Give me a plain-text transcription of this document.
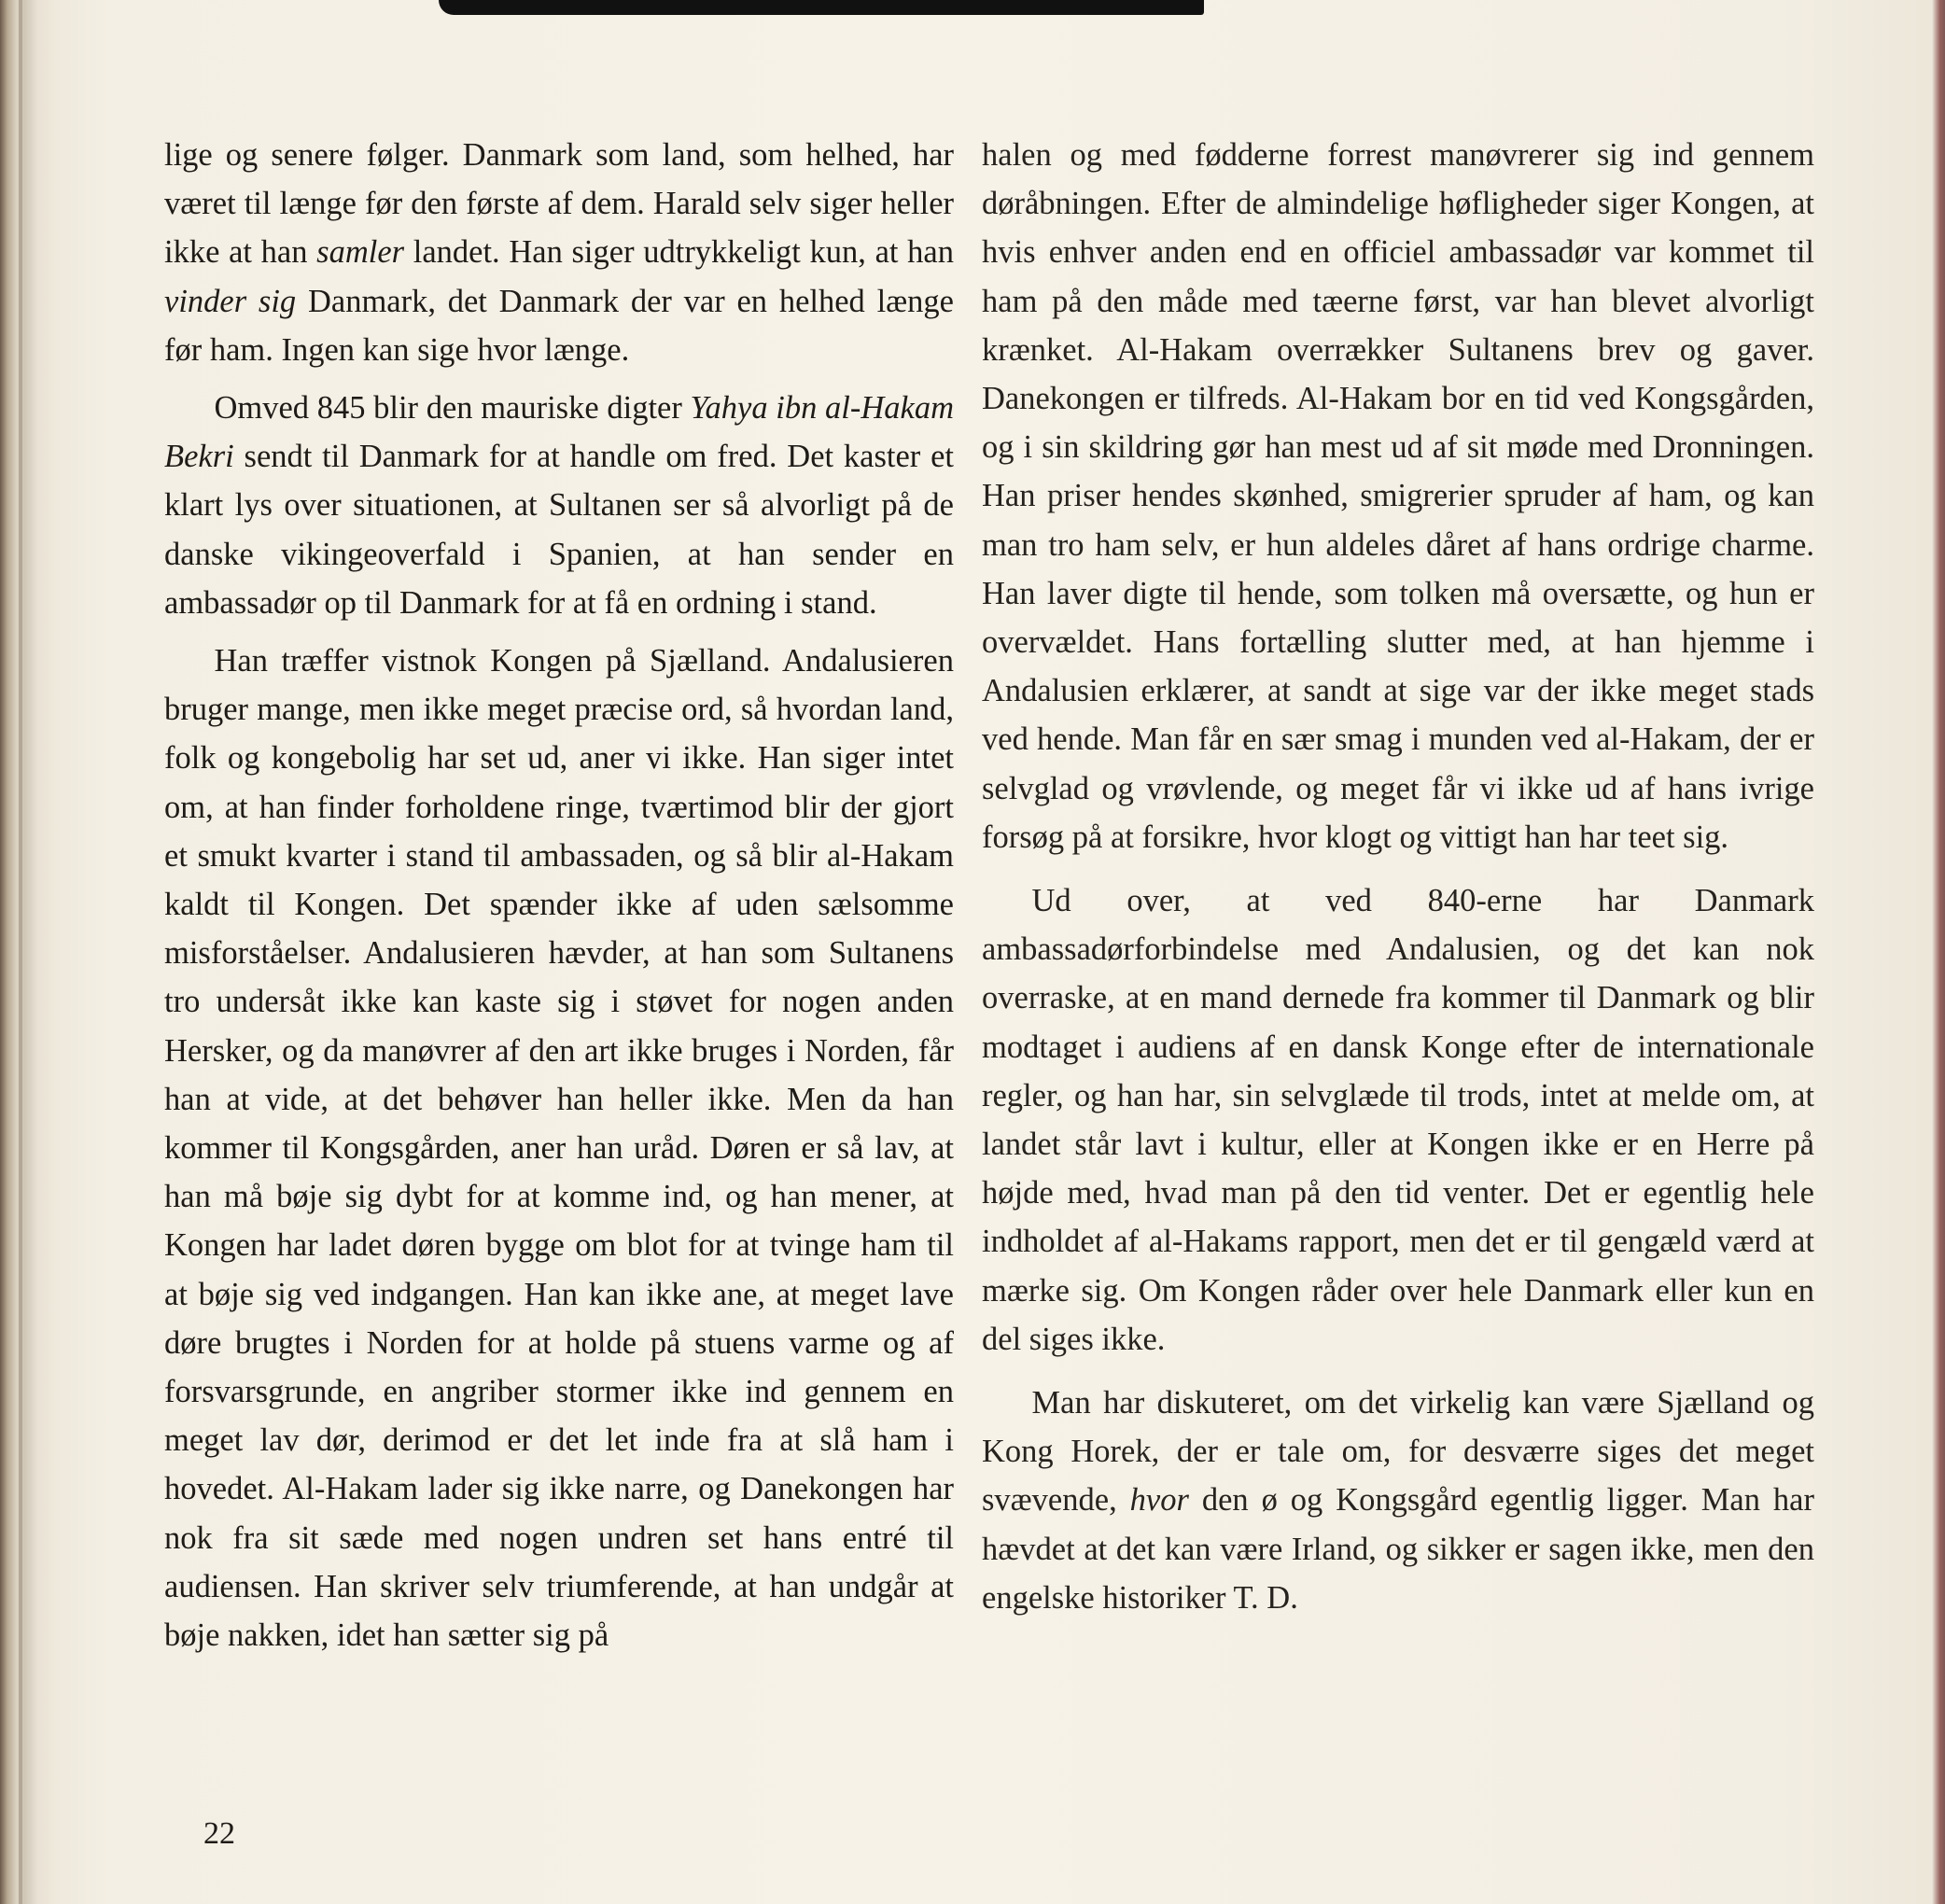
lige og senere følger. Danmark som land, som helhed, har været til længe før den første af dem. Harald selv siger heller ikke at han samler landet. Han siger udtrykkeligt kun, at han vinder sig Danmark, det Danmark der var en helhed længe før ham. Ingen kan sige hvor længe.

Omved 845 blir den mauriske digter Yahya ibn al-Hakam Bekri sendt til Danmark for at handle om fred. Det kaster et klart lys over situationen, at Sultanen ser så alvorligt på de danske vikingeoverfald i Spanien, at han sender en ambassadør op til Danmark for at få en ordning i stand.

Han træffer vistnok Kongen på Sjælland. Andalusieren bruger mange, men ikke meget præcise ord, så hvordan land, folk og kongebolig har set ud, aner vi ikke. Han siger intet om, at han finder forholdene ringe, tværtimod blir der gjort et smukt kvarter i stand til ambassaden, og så blir al-Hakam kaldt til Kongen. Det spænder ikke af uden sælsomme misforståelser. Andalusieren hævder, at han som Sultanens tro undersåt ikke kan kaste sig i støvet for nogen anden Hersker, og da manøvrer af den art ikke bruges i Norden, får han at vide, at det behøver han heller ikke. Men da han kommer til Kongsgården, aner han uråd. Døren er så lav, at han må bøje sig dybt for at komme ind, og han mener, at Kongen har ladet døren bygge om blot for at tvinge ham til at bøje sig ved indgangen. Han kan ikke ane, at meget lave døre brugtes i Norden for at holde på stuens varme og af forsvarsgrunde, en angriber stormer ikke ind gennem en meget lav dør, derimod er det let inde fra at slå ham i hovedet. Al-Hakam lader sig ikke narre, og Danekongen har nok fra sit sæde med nogen undren set hans entré til audiensen. Han skriver selv triumferende, at han undgår at bøje nakken, idet han sætter sig på

halen og med fødderne forrest manøvrerer sig ind gennem døråbningen. Efter de almindelige høfligheder siger Kongen, at hvis enhver anden end en officiel ambassadør var kommet til ham på den måde med tæerne først, var han blevet alvorligt krænket. Al-Hakam overrækker Sultanens brev og gaver. Danekongen er tilfreds. Al-Hakam bor en tid ved Kongsgården, og i sin skildring gør han mest ud af sit møde med Dronningen. Han priser hendes skønhed, smigrerier spruder af ham, og kan man tro ham selv, er hun aldeles dåret af hans ordrige charme. Han laver digte til hende, som tolken må oversætte, og hun er overvældet. Hans fortælling slutter med, at han hjemme i Andalusien erklærer, at sandt at sige var der ikke meget stads ved hende. Man får en sær smag i munden ved al-Hakam, der er selvglad og vrøvlende, og meget får vi ikke ud af hans ivrige forsøg på at forsikre, hvor klogt og vittigt han har teet sig.

Ud over, at ved 840-erne har Danmark ambassadørforbindelse med Andalusien, og det kan nok overraske, at en mand dernede fra kommer til Danmark og blir modtaget i audiens af en dansk Konge efter de internationale regler, og han har, sin selvglæde til trods, intet at melde om, at landet står lavt i kultur, eller at Kongen ikke er en Herre på højde med, hvad man på den tid venter. Det er egentlig hele indholdet af al-Hakams rapport, men det er til gengæld værd at mærke sig. Om Kongen råder over hele Danmark eller kun en del siges ikke.

Man har diskuteret, om det virkelig kan være Sjælland og Kong Horek, der er tale om, for desværre siges det meget svævende, hvor den ø og Kongsgård egentlig ligger. Man har hævdet at det kan være Irland, og sikker er sagen ikke, men den engelske historiker T. D.

22
